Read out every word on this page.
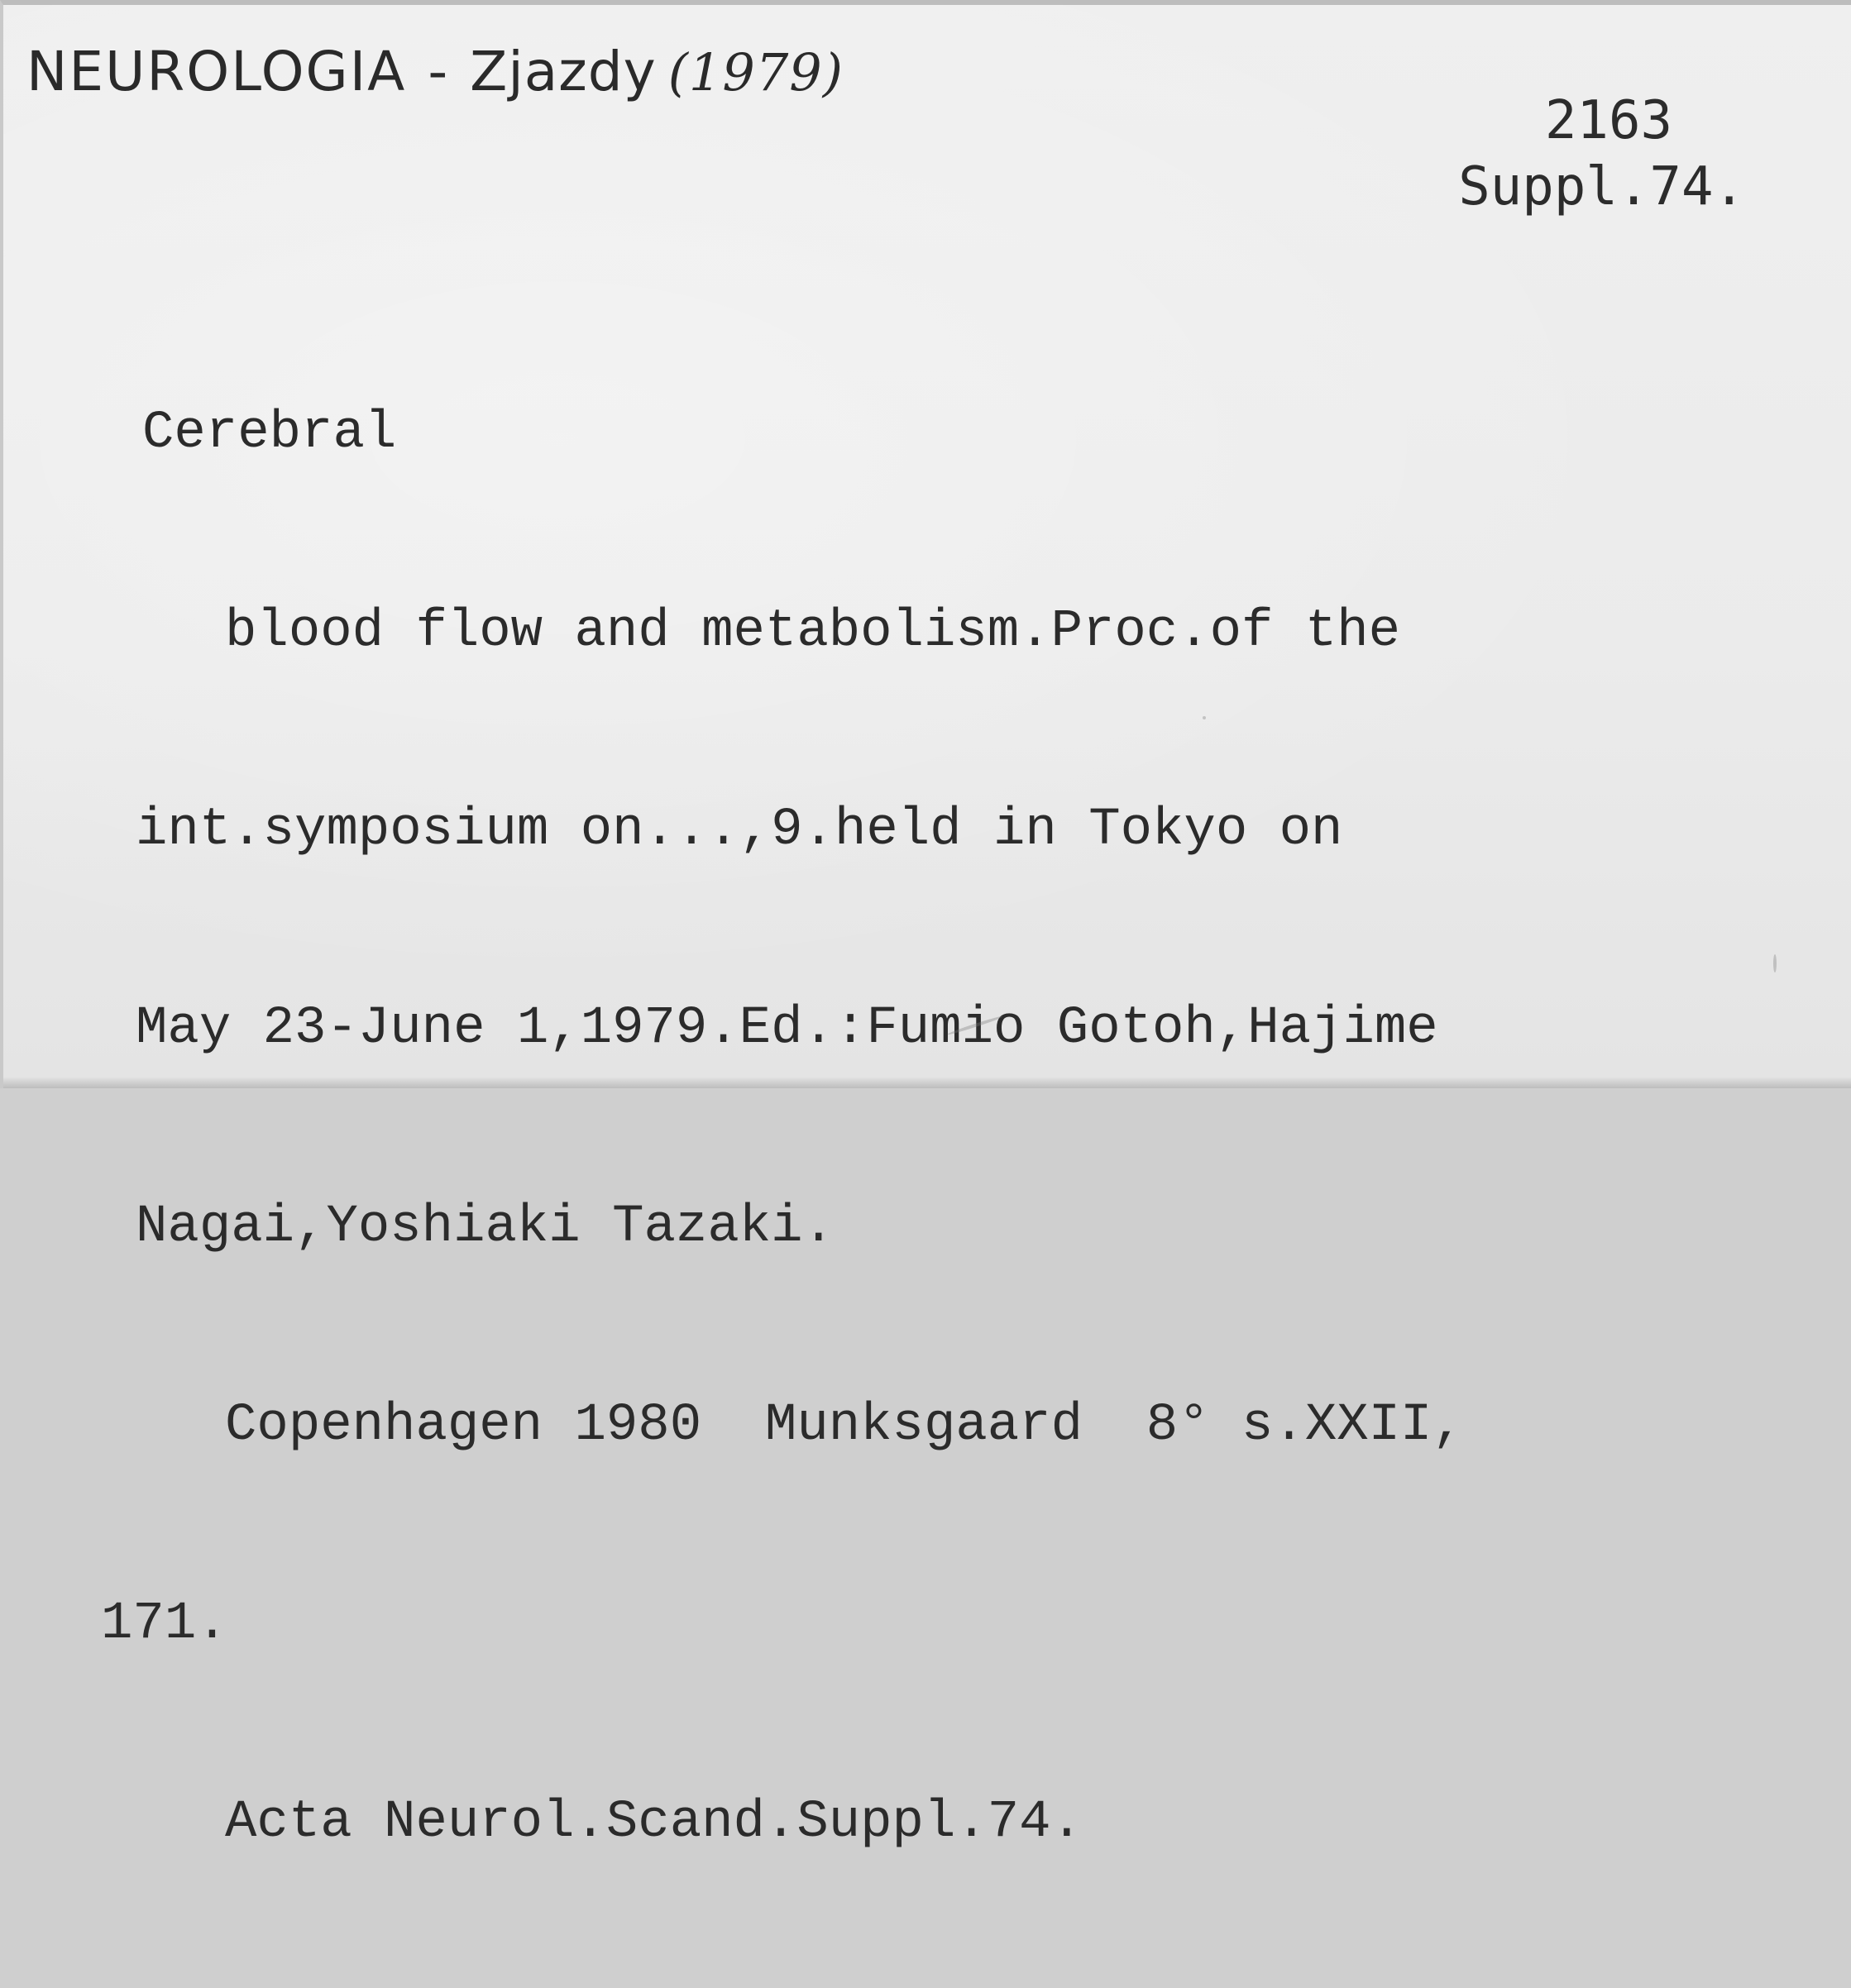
NEUROLOGIA - Zjazdy (1979)
2163
Suppl.74.

Cerebral

blood flow and metabolism.Proc.of the

int.symposium on...,9.held in Tokyo on

May 23-June 1,1979.Ed.:Fumio Gotoh,Hajime

Nagai,Yoshiaki Tazaki.

Copenhagen 1980  Munksgaard  8° s.XXII,

171.

Acta Neurol.Scand.Suppl.74.
